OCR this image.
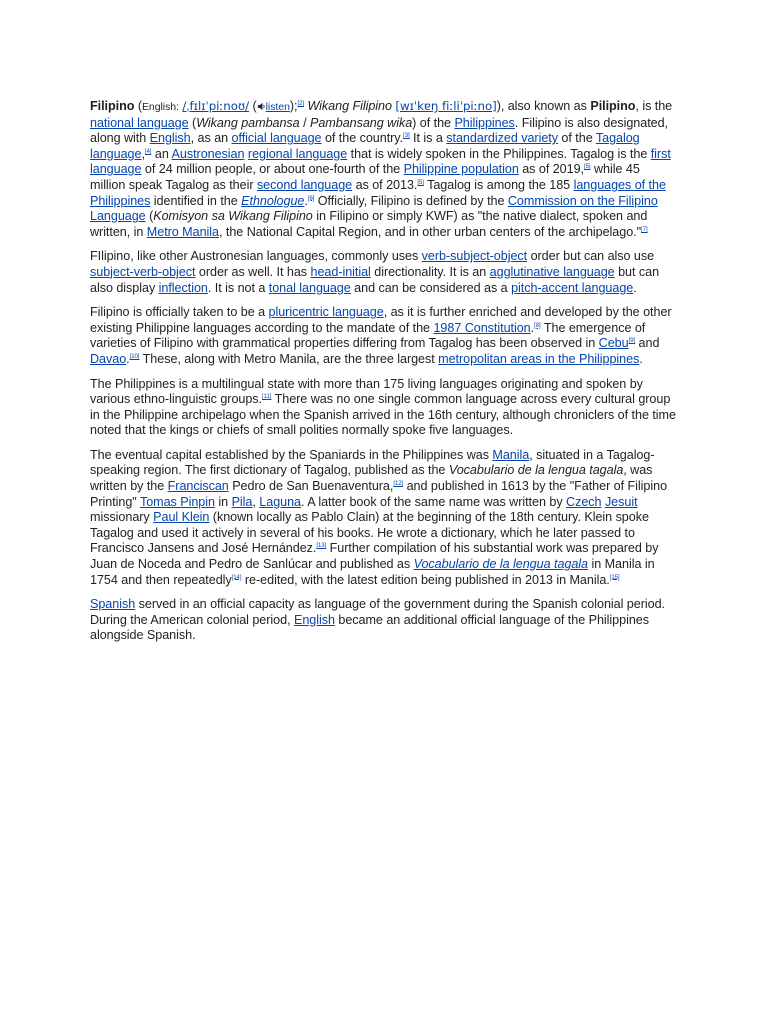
Filipino (English: /ˌfɪlɪˈpiːnoʊ/ ( listen);[2] Wikang Filipino [wɪˈkɐŋ fiːliˈpiːno]), also known as Pilipino, is the national language (Wikang pambansa / Pambansang wika) of the Philippines. Filipino is also designated, along with English, as an official language of the country.[3] It is a standardized variety of the Tagalog language,[4] an Austronesian regional language that is widely spoken in the Philippines. Tagalog is the first language of 24 million people, or about one-fourth of the Philippine population as of 2019,[5] while 45 million speak Tagalog as their second language as of 2013.[5] Tagalog is among the 185 languages of the Philippines identified in the Ethnologue.[6] Officially, Filipino is defined by the Commission on the Filipino Language (Komisyon sa Wikang Filipino in Filipino or simply KWF) as "the native dialect, spoken and written, in Metro Manila, the National Capital Region, and in other urban centers of the archipelago."[7]

FIlipino, like other Austronesian languages, commonly uses verb-subject-object order but can also use subject-verb-object order as well. It has head-initial directionality. It is an agglutinative language but can also display inflection. It is not a tonal language and can be considered as a pitch-accent language.

Filipino is officially taken to be a pluricentric language, as it is further enriched and developed by the other existing Philippine languages according to the mandate of the 1987 Constitution.[8] The emergence of varieties of Filipino with grammatical properties differing from Tagalog has been observed in Cebu[9] and Davao.[10] These, along with Metro Manila, are the three largest metropolitan areas in the Philippines.

The Philippines is a multilingual state with more than 175 living languages originating and spoken by various ethno-linguistic groups.[11] There was no one single common language across every cultural group in the Philippine archipelago when the Spanish arrived in the 16th century, although chroniclers of the time noted that the kings or chiefs of small polities normally spoke five languages.

The eventual capital established by the Spaniards in the Philippines was Manila, situated in a Tagalog-speaking region. The first dictionary of Tagalog, published as the Vocabulario de la lengua tagala, was written by the Franciscan Pedro de San Buenaventura,[12] and published in 1613 by the "Father of Filipino Printing" Tomas Pinpin in Pila, Laguna. A latter book of the same name was written by Czech Jesuit missionary Paul Klein (known locally as Pablo Clain) at the beginning of the 18th century. Klein spoke Tagalog and used it actively in several of his books. He wrote a dictionary, which he later passed to Francisco Jansens and José Hernández.[13] Further compilation of his substantial work was prepared by Juan de Noceda and Pedro de Sanlúcar and published as Vocabulario de la lengua tagala in Manila in 1754 and then repeatedly[14] re-edited, with the latest edition being published in 2013 in Manila.[15]

Spanish served in an official capacity as language of the government during the Spanish colonial period. During the American colonial period, English became an additional official language of the Philippines alongside Spanish.
